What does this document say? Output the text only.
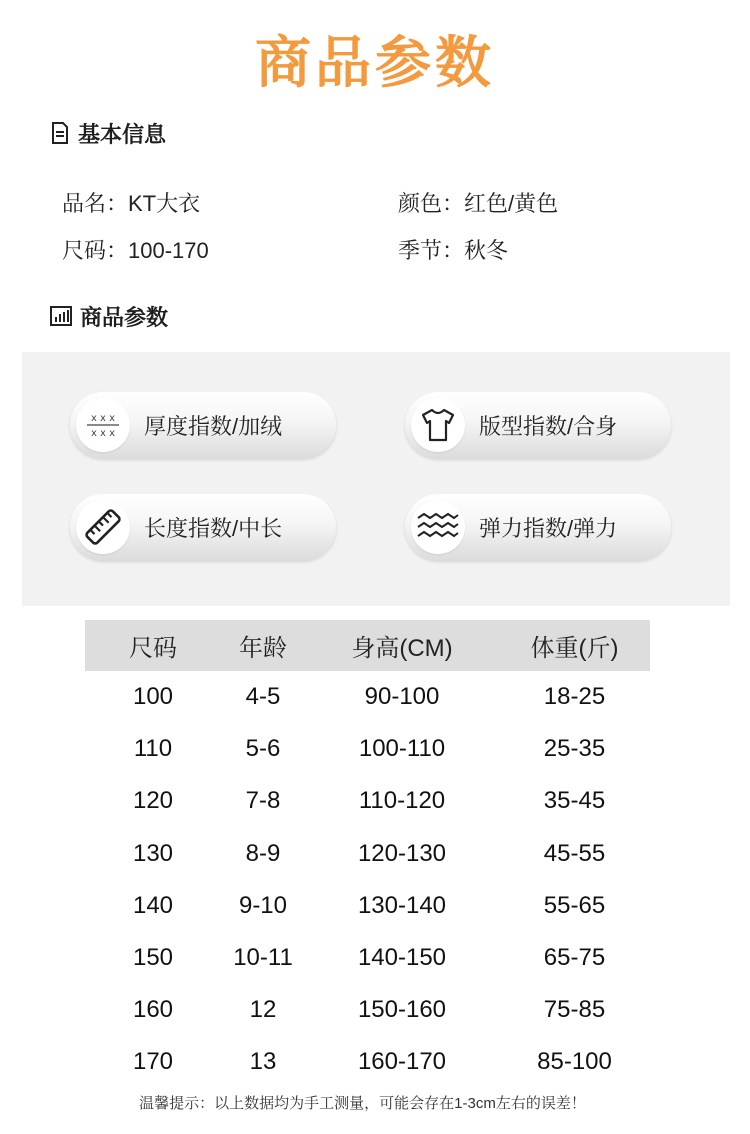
商品参数
基本信息
品名：KT大衣	颜色：红色/黄色
尺码：100-170	季节：秋冬
商品参数
x x x
x x x 厚度指数/加绒	版型指数/合身
长度指数/中长	弹力指数/弹力
尺码	年龄	身高(CM)	体重(斤)
100	4-5	90-100	18-25
110	5-6	100-110	25-35
120	7-8	110-120	35-45
130	8-9	120-130	45-55
140	9-10	130-140	55-65
150	10-11	140-150	65-75
160	12	150-160	75-85
170	13	160-170	85-100
温馨提示：以上数据均为手工测量，可能会存在1-3cm左右的误差！
